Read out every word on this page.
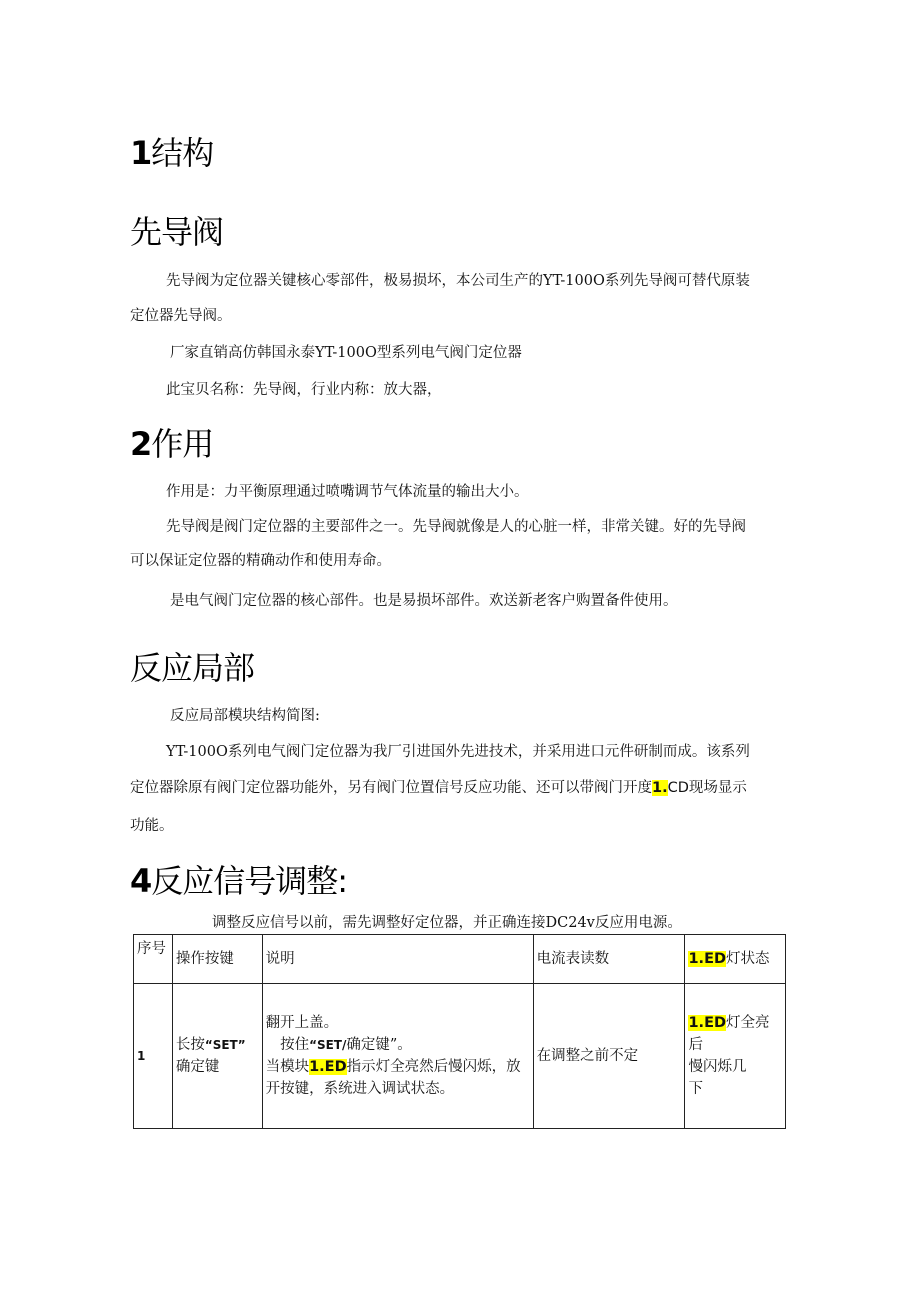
1结构
先导阀

先导阀为定位器关键核心零部件，极易损坏，本公司生产的YT-100O系列先导阀可替代原装

定位器先导阀。

厂家直销高仿韩国永泰YT-100O型系列电气阀门定位器

此宝贝名称：先导阀，行业内称：放大器，

2作用

作用是：力平衡原理通过喷嘴调节气体流量的输出大小。

先导阀是阀门定位器的主要部件之一。先导阀就像是人的心脏一样，非常关键。好的先导阀

可以保证定位器的精确动作和使用寿命。

是电气阀门定位器的核心部件。也是易损坏部件。欢送新老客户购置备件使用。

反应局部

反应局部模块结构简图:

YT-100O系列电气阀门定位器为我厂引进国外先进技术，并采用进口元件研制而成。该系列

定位器除原有阀门定位器功能外，另有阀门位置信号反应功能、还可以带阀门开度1.CD现场显示

功能。

4反应信号调整:

调整反应信号以前，需先调整好定位器，并正确连接DC24v反应用电源。

序号	操作按键	说明	电流表读数	1.ED灯状态

1	长按“SET”
确定键	翻开上盖。
　按住“SET/确定键”。
当模块1.ED指示灯全亮然后慢闪烁，放
开按键，系统进入调试状态。	在调整之前不定	1.ED灯全亮后
慢闪烁几
下
